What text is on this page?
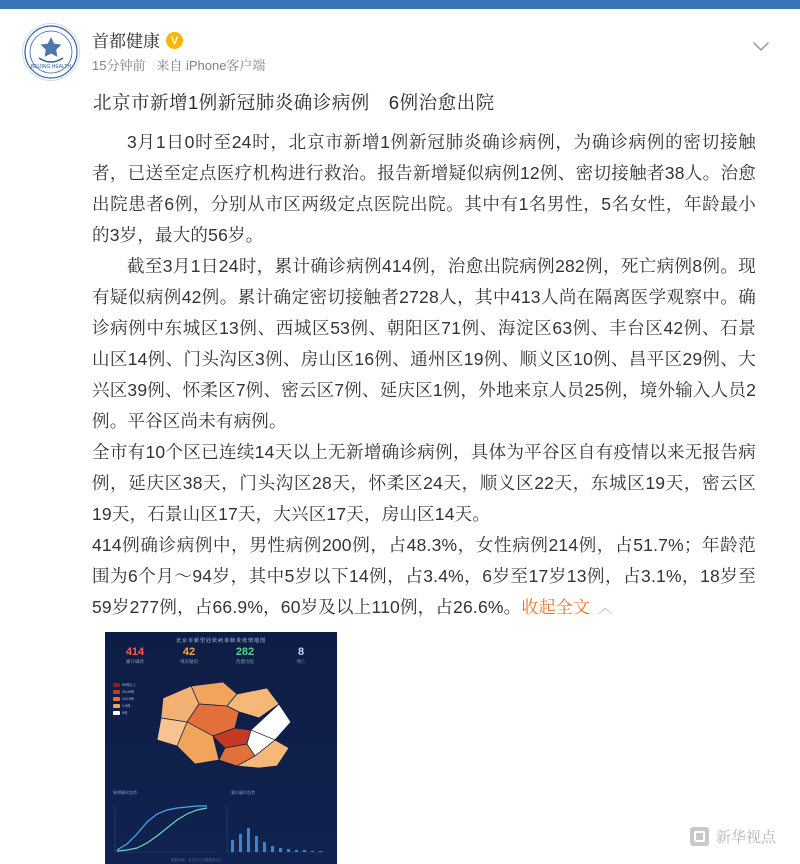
BEIJING HEALTH
首都健康 V
15分钟前 来自 iPhone客户端
北京市新增1例新冠肺炎确诊病例　6例治愈出院

3月1日0时至24时，北京市新增1例新冠肺炎确诊病例，为确诊病例的密切接触者，已送至定点医疗机构进行救治。报告新增疑似病例12例、密切接触者38人。治愈出院患者6例，分别从市区两级定点医院出院。其中有1名男性，5名女性，年龄最小的3岁，最大的56岁。

截至3月1日24时，累计确诊病例414例，治愈出院病例282例，死亡病例8例。现有疑似病例42例。累计确定密切接触者2728人，其中413人尚在隔离医学观察中。确诊病例中东城区13例、西城区53例、朝阳区71例、海淀区63例、丰台区42例、石景山区14例、门头沟区3例、房山区16例、通州区19例、顺义区10例、昌平区29例、大兴区39例、怀柔区7例、密云区7例、延庆区1例，外地来京人员25例，境外输入人员2例。平谷区尚未有病例。

全市有10个区已连续14天以上无新增确诊病例，具体为平谷区自有疫情以来无报告病例，延庆区38天，门头沟区28天，怀柔区24天，顺义区22天，东城区19天，密云区19天，石景山区17天，大兴区17天，房山区14天。

414例确诊病例中，男性病例200例，占48.3%，女性病例214例，占51.7%；年龄范围为6个月～94岁，其中5岁以下14例，占3.4%，6岁至17岁13例，占3.1%，18岁至59岁277例，占66.9%，60岁及以上110例，占26.6%。收起全文 ︿

北京市新型冠状病毒肺炎疫情地图
414
累计确诊
42
现有疑似
282
治愈出院
8
死亡
50例以上
20-49例
10-19例
1-9例
0例
新增确诊趋势	累计确诊趋势
数据来源：北京市卫生健康委员会
新华视点
